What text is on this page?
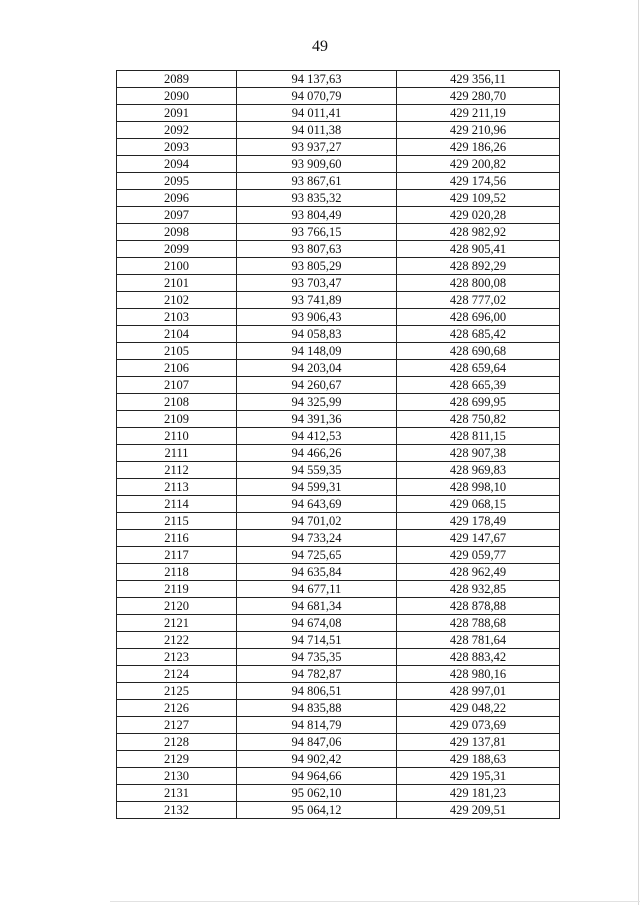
49
2089	94 137,63	429 356,11
2090	94 070,79	429 280,70
2091	94 011,41	429 211,19
2092	94 011,38	429 210,96
2093	93 937,27	429 186,26
2094	93 909,60	429 200,82
2095	93 867,61	429 174,56
2096	93 835,32	429 109,52
2097	93 804,49	429 020,28
2098	93 766,15	428 982,92
2099	93 807,63	428 905,41
2100	93 805,29	428 892,29
2101	93 703,47	428 800,08
2102	93 741,89	428 777,02
2103	93 906,43	428 696,00
2104	94 058,83	428 685,42
2105	94 148,09	428 690,68
2106	94 203,04	428 659,64
2107	94 260,67	428 665,39
2108	94 325,99	428 699,95
2109	94 391,36	428 750,82
2110	94 412,53	428 811,15
2111	94 466,26	428 907,38
2112	94 559,35	428 969,83
2113	94 599,31	428 998,10
2114	94 643,69	429 068,15
2115	94 701,02	429 178,49
2116	94 733,24	429 147,67
2117	94 725,65	429 059,77
2118	94 635,84	428 962,49
2119	94 677,11	428 932,85
2120	94 681,34	428 878,88
2121	94 674,08	428 788,68
2122	94 714,51	428 781,64
2123	94 735,35	428 883,42
2124	94 782,87	428 980,16
2125	94 806,51	428 997,01
2126	94 835,88	429 048,22
2127	94 814,79	429 073,69
2128	94 847,06	429 137,81
2129	94 902,42	429 188,63
2130	94 964,66	429 195,31
2131	95 062,10	429 181,23
2132	95 064,12	429 209,51
